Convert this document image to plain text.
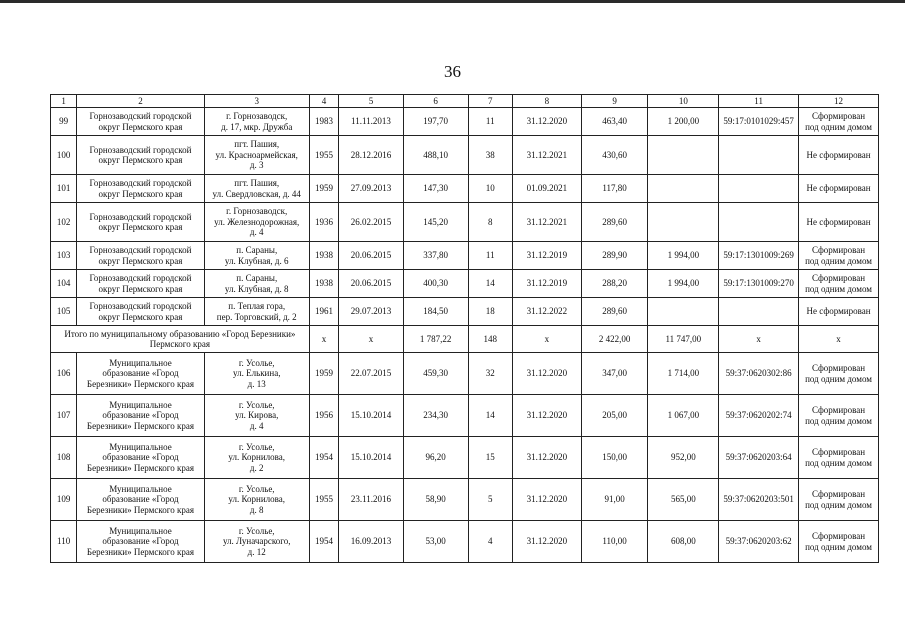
36
1	2	3	4	5	6	7	8	9	10	11	12
99	Горнозаводский городской
округ Пермского края	г. Горнозаводск,
д. 17, мкр. Дружба	1983	11.11.2013	197,70	11	31.12.2020	463,40	1 200,00	59:17:0101029:457	Сформирован
под одним домом
100	Горнозаводский городской
округ Пермского края	пгт. Пашия,
ул. Красноармейская,
д. 3	1955	28.12.2016	488,10	38	31.12.2021	430,60			Не сформирован
101	Горнозаводский городской
округ Пермского края	пгт. Пашия,
ул. Свердловская, д. 44	1959	27.09.2013	147,30	10	01.09.2021	117,80			Не сформирован
102	Горнозаводский городской
округ Пермского края	г. Горнозаводск,
ул. Железнодорожная,
д. 4	1936	26.02.2015	145,20	8	31.12.2021	289,60			Не сформирован
103	Горнозаводский городской
округ Пермского края	п. Сараны,
ул. Клубная, д. 6	1938	20.06.2015	337,80	11	31.12.2019	289,90	1 994,00	59:17:1301009:269	Сформирован
под одним домом
104	Горнозаводский городской
округ Пермского края	п. Сараны,
ул. Клубная, д. 8	1938	20.06.2015	400,30	14	31.12.2019	288,20	1 994,00	59:17:1301009:270	Сформирован
под одним домом
105	Горнозаводский городской
округ Пермского края	п. Теплая гора,
пер. Торговский, д. 2	1961	29.07.2013	184,50	18	31.12.2022	289,60			Не сформирован
Итого по муниципальному образованию «Город Березники»
Пермского края			x	x	1 787,22	148	x	2 422,00	11 747,00	x	x
106	Муниципальное
образование «Город
Березники» Пермского края	г. Усолье,
ул. Елькина,
д. 13	1959	22.07.2015	459,30	32	31.12.2020	347,00	1 714,00	59:37:0620302:86	Сформирован
под одним домом
107	Муниципальное
образование «Город
Березники» Пермского края	г. Усолье,
ул. Кирова,
д. 4	1956	15.10.2014	234,30	14	31.12.2020	205,00	1 067,00	59:37:0620202:74	Сформирован
под одним домом
108	Муниципальное
образование «Город
Березники» Пермского края	г. Усолье,
ул. Корнилова,
д. 2	1954	15.10.2014	96,20	15	31.12.2020	150,00	952,00	59:37:0620203:64	Сформирован
под одним домом
109	Муниципальное
образование «Город
Березники» Пермского края	г. Усолье,
ул. Корнилова,
д. 8	1955	23.11.2016	58,90	5	31.12.2020	91,00	565,00	59:37:0620203:501	Сформирован
под одним домом
110	Муниципальное
образование «Город
Березники» Пермского края	г. Усолье,
ул. Луначарского,
д. 12	1954	16.09.2013	53,00	4	31.12.2020	110,00	608,00	59:37:0620203:62	Сформирован
под одним домом
